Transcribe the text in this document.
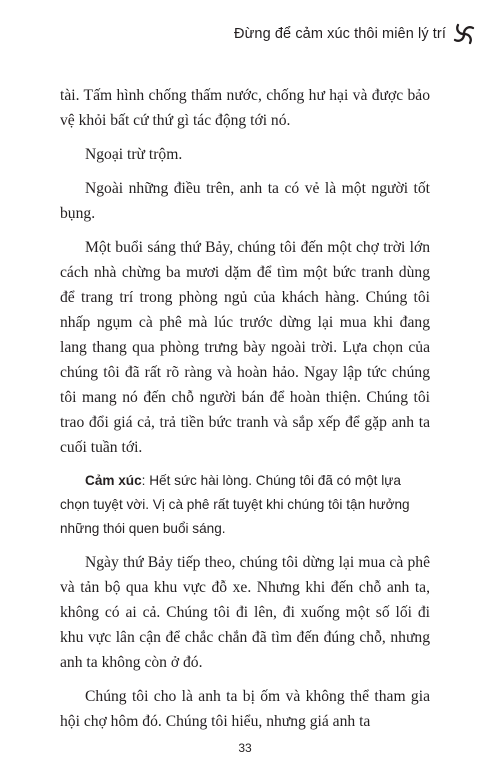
Đừng để cảm xúc thôi miên lý trí

tài. Tấm hình chống thấm nước, chống hư hại và được bảo vệ khỏi bất cứ thứ gì tác động tới nó.

Ngoại trừ trộm.

Ngoài những điều trên, anh ta có vẻ là một người tốt bụng.

Một buổi sáng thứ Bảy, chúng tôi đến một chợ trời lớn cách nhà chừng ba mươi dặm để tìm một bức tranh dùng để trang trí trong phòng ngủ của khách hàng. Chúng tôi nhấp ngụm cà phê mà lúc trước dừng lại mua khi đang lang thang qua phòng trưng bày ngoài trời. Lựa chọn của chúng tôi đã rất rõ ràng và hoàn hảo. Ngay lập tức chúng tôi mang nó đến chỗ người bán để hoàn thiện. Chúng tôi trao đổi giá cả, trả tiền bức tranh và sắp xếp để gặp anh ta cuối tuần tới.

Cảm xúc: Hết sức hài lòng. Chúng tôi đã có một lựa chọn tuyệt vời. Vị cà phê rất tuyệt khi chúng tôi tận hưởng những thói quen buổi sáng.

Ngày thứ Bảy tiếp theo, chúng tôi dừng lại mua cà phê và tản bộ qua khu vực đỗ xe. Nhưng khi đến chỗ anh ta, không có ai cả. Chúng tôi đi lên, đi xuống một số lối đi khu vực lân cận để chắc chắn đã tìm đến đúng chỗ, nhưng anh ta không còn ở đó.

Chúng tôi cho là anh ta bị ốm và không thể tham gia hội chợ hôm đó. Chúng tôi hiểu, nhưng giá anh ta

33
